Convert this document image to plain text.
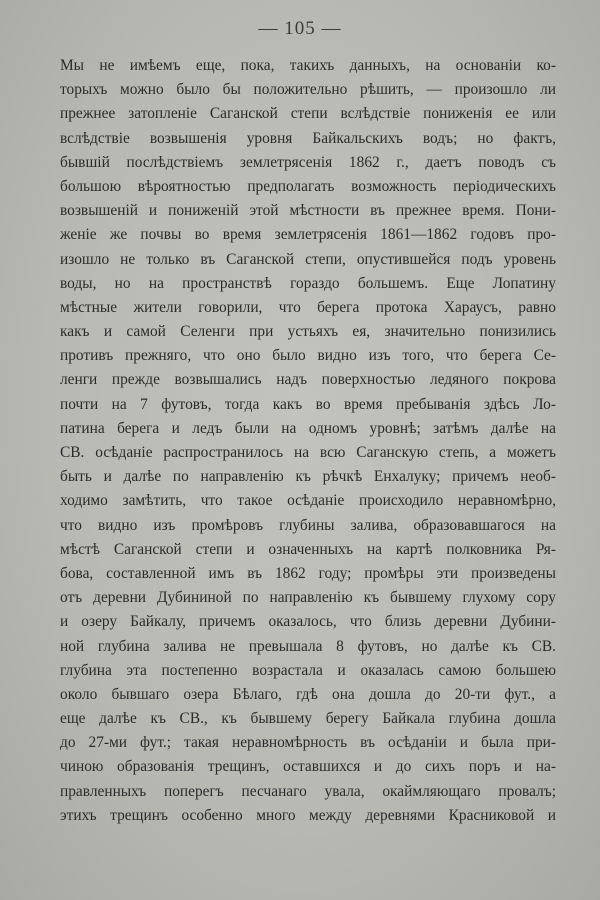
— 105 —
Мы не имѣемъ еще, пока, такихъ данныхъ, на основаніи ко-
торыхъ можно было бы положительно рѣшить, — произошло ли
прежнее затопленіе Саганской степи вслѣдствіе пониженія ее или
вслѣдствіе возвышенія уровня Байкальскихъ водъ; но фактъ,
бывшій послѣдствіемъ землетрясенія 1862 г., даетъ поводъ съ
большою вѣроятностью предполагать возможность періодическихъ
возвышеній и пониженій этой мѣстности въ прежнее время. Пони-
женіе же почвы во время землетрясенія 1861—1862 годовъ про-
изошло не только въ Саганской степи, опустившейся подъ уровень
воды, но на пространствѣ гораздо большемъ. Еще Лопатину
мѣстные жители говорили, что берега протока Хараусъ, равно
какъ и самой Селенги при устьяхъ ея, значительно понизились
противъ прежняго, что оно было видно изъ того, что берега Се-
ленги прежде возвышались надъ поверхностью ледяного покрова
почти на 7 футовъ, тогда какъ во время пребыванія здѣсь Ло-
патина берега и ледъ были на одномъ уровнѣ; затѣмъ далѣе на
СВ. осѣданіе распространилось на всю Саганскую степь, а можетъ
быть и далѣе по направленію къ рѣчкѣ Енхалуку; причемъ необ-
ходимо замѣтить, что такое осѣданіе происходило неравномѣрно,
что видно изъ промѣровъ глубины залива, образовавшагося на
мѣстѣ Саганской степи и означенныхъ на картѣ полковника Ря-
бова, составленной имъ въ 1862 году; промѣры эти произведены
отъ деревни Дубининой по направленію къ бывшему глухому сору
и озеру Байкалу, причемъ оказалось, что близь деревни Дубини-
ной глубина залива не превышала 8 футовъ, но далѣе къ СВ.
глубина эта постепенно возрастала и оказалась самою большею
около бывшаго озера Бѣлаго, гдѣ она дошла до 20-ти фут., а
еще далѣе къ СВ., къ бывшему берегу Байкала глубина дошла
до 27-ми фут.; такая неравномѣрность въ осѣданіи и была при-
чиною образованія трещинъ, оставшихся и до сихъ поръ и на-
правленныхъ поперегъ песчанаго увала, окаймляющаго провалъ;
этихъ трещинъ особенно много между деревнями Красниковой и
